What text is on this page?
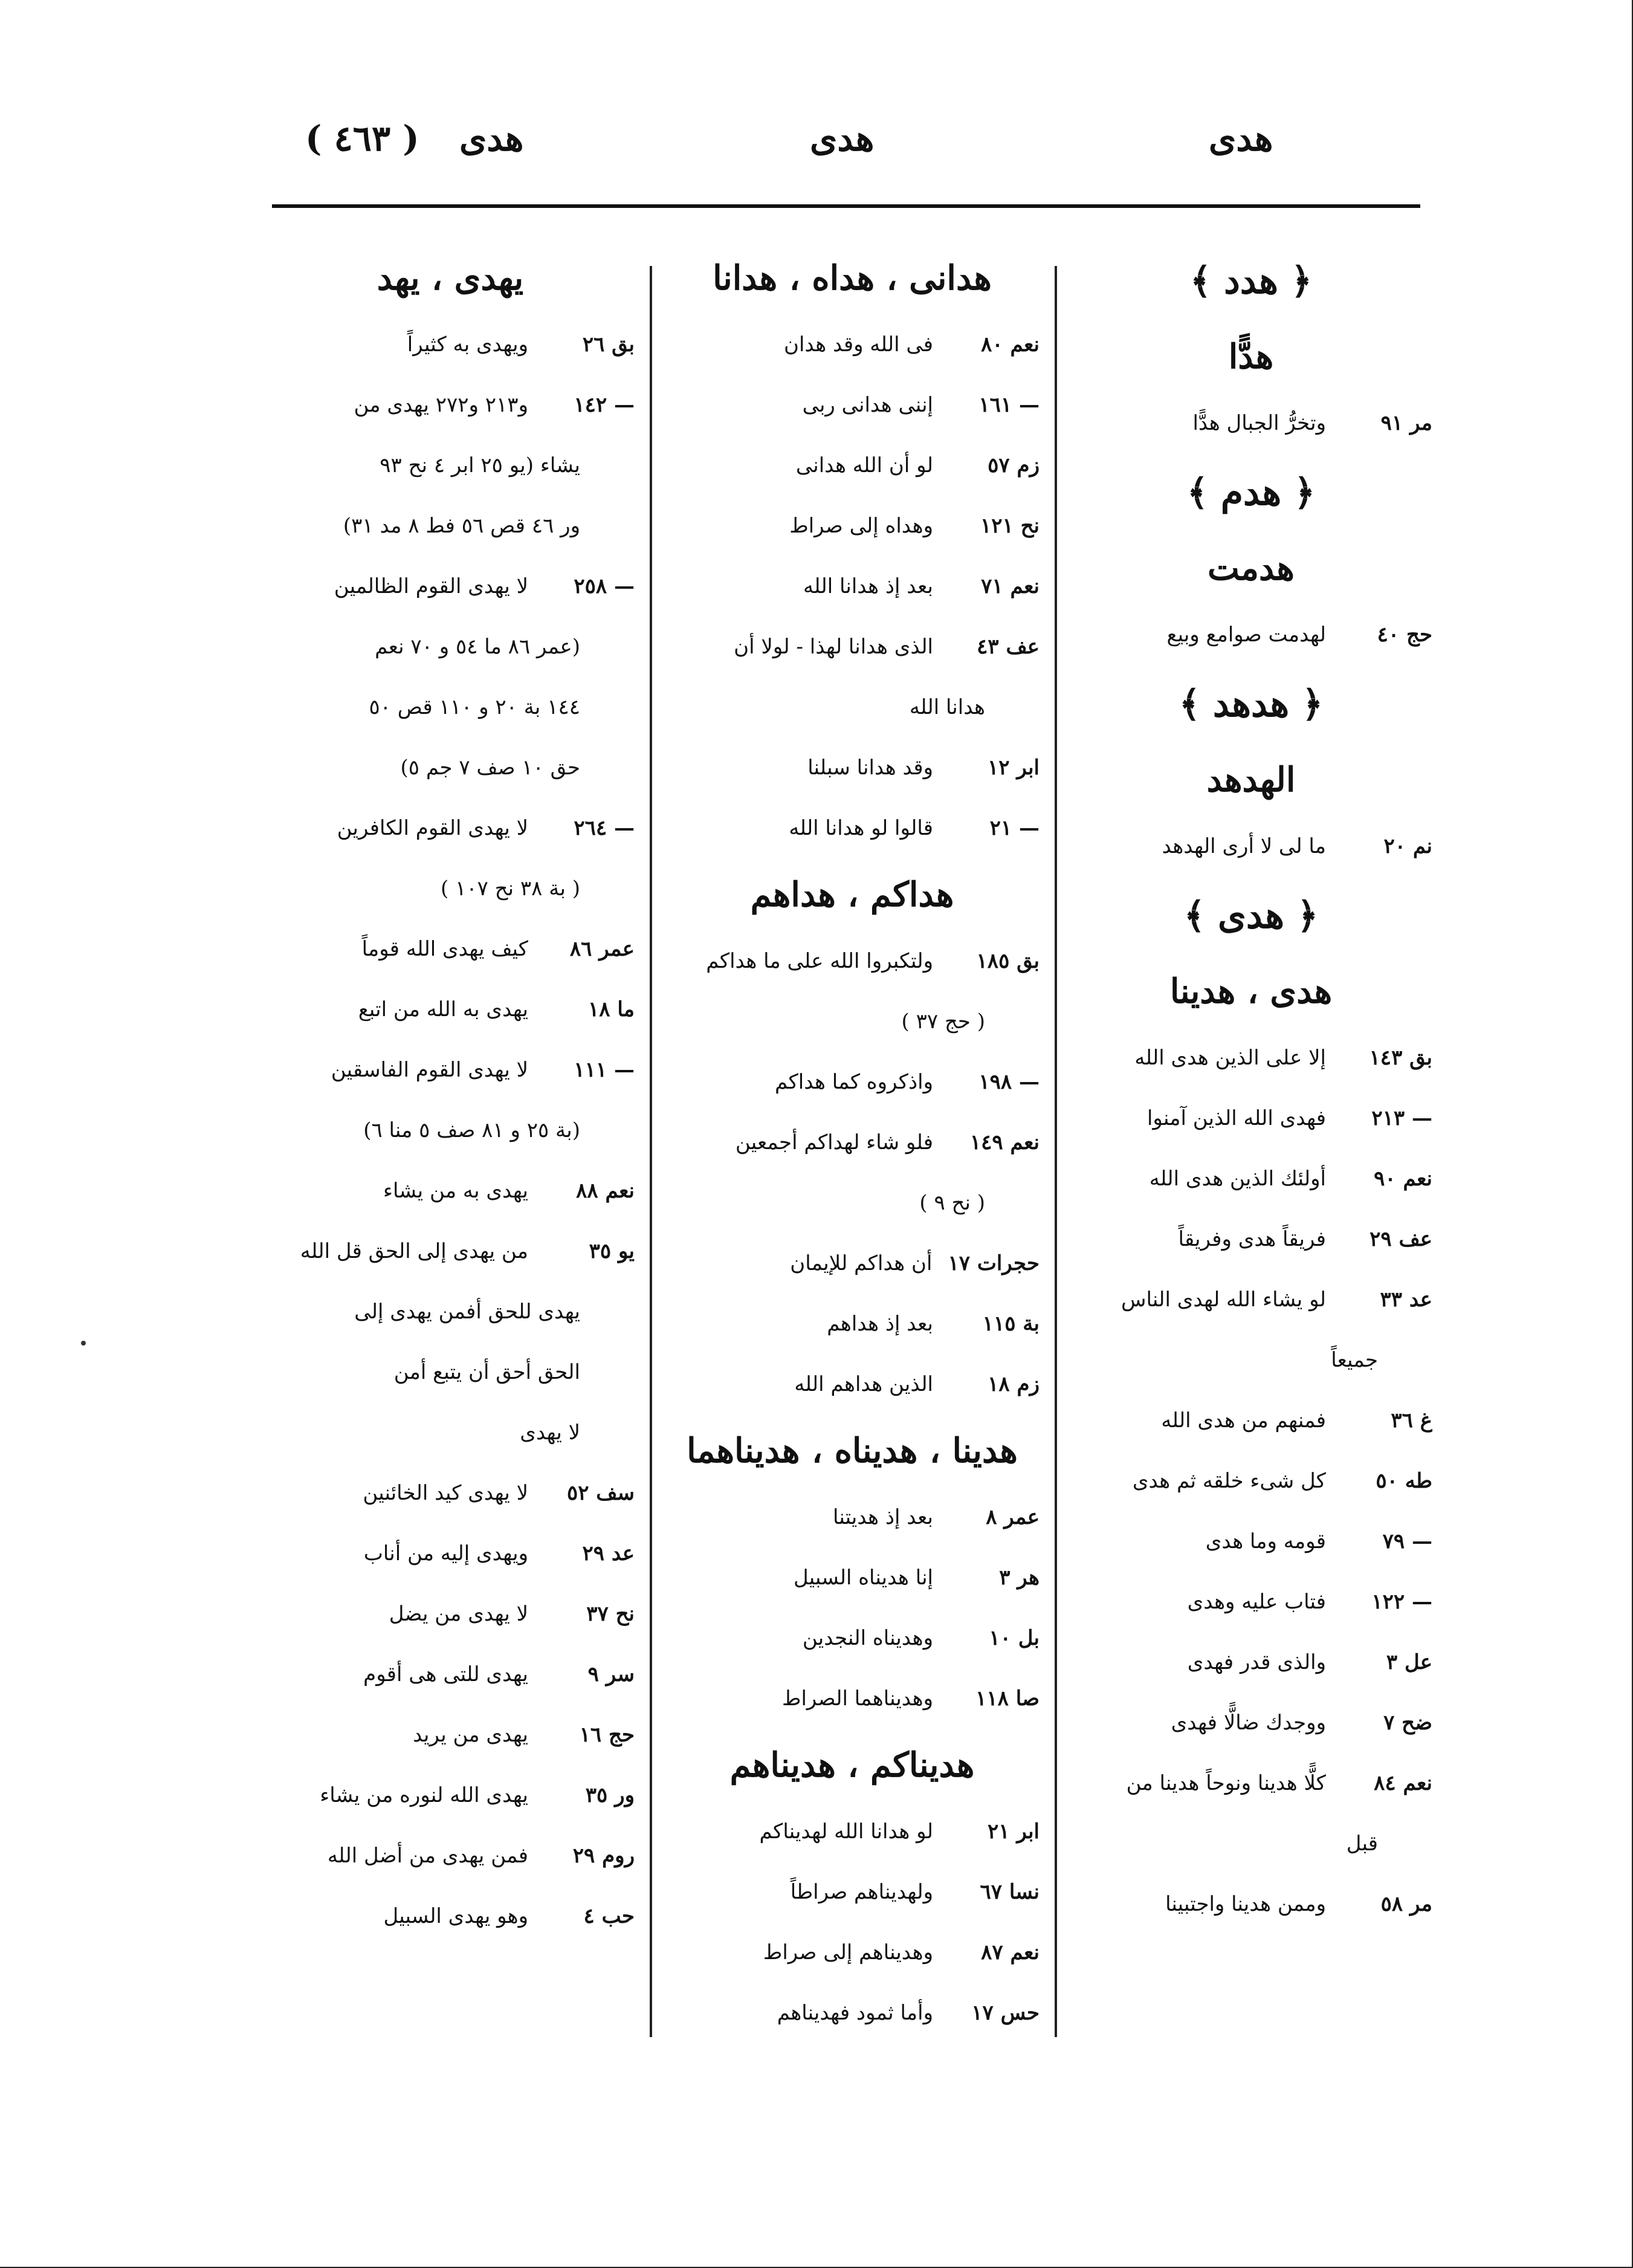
( ٤٦٣ ) هدى	هدى	هدى
﴿ هدد ﴾
هدًّا
مر ٩١
وتخرُّ الجبال هدًّا
﴿ هدم ﴾
هدمت
حج ٤٠
لهدمت صوامع وبيع
﴿ هدهد ﴾
الهدهد
نم ٢٠
ما لى لا أرى الهدهد
﴿ هدى ﴾
هدى ، هدينا
بق ١٤٣
إلا على الذين هدى الله
— ٢١٣
فهدى الله الذين آمنوا
نعم ٩٠
أولئك الذين هدى الله
عف ٢٩
فريقاً هدى وفريقاً
عد ٣٣
لو يشاء الله لهدى الناس
جميعاً
غ ٣٦
فمنهم من هدى الله
طه ٥٠
كل شىء خلقه ثم هدى
— ٧٩
قومه وما هدى
— ١٢٢
فتاب عليه وهدى
عل ٣
والذى قدر فهدى
ضح ٧
ووجدك ضالًّا فهدى
نعم ٨٤
كلًّا هدينا ونوحاً هدينا من
قبل
مر ٥٨
وممن هدينا واجتبينا
هدانى ، هداه ، هدانا
نعم ٨٠
فى الله وقد هدان
— ١٦١
إننى هدانى ربى
زم ٥٧
لو أن الله هدانى
نح ١٢١
وهداه إلى صراط
نعم ٧١
بعد إذ هدانا الله
عف ٤٣
الذى هدانا لهذا - لولا أن
هدانا الله
ابر ١٢
وقد هدانا سبلنا
— ٢١
قالوا لو هدانا الله
هداكم ، هداهم
بق ١٨٥
ولتكبروا الله على ما هداكم
( حج ٣٧ )
— ١٩٨
واذكروه كما هداكم
نعم ١٤٩
فلو شاء لهداكم أجمعين
( نح ٩ )
حجرات ١٧
أن هداكم للإيمان
بة ١١٥
بعد إذ هداهم
زم ١٨
الذين هداهم الله
هدينا ، هديناه ، هديناهما
عمر ٨
بعد إذ هديتنا
هر ٣
إنا هديناه السبيل
بل ١٠
وهديناه النجدين
صا ١١٨
وهديناهما الصراط
هديناكم ، هديناهم
ابر ٢١
لو هدانا الله لهديناكم
نسا ٦٧
ولهديناهم صراطاً
نعم ٨٧
وهديناهم إلى صراط
حس ١٧
وأما ثمود فهديناهم
يهدى ، يهد
بق ٢٦
ويهدى به كثيراً
— ١٤٢
و٢١٣ و٢٧٢ يهدى من
يشاء (يو ٢٥ ابر ٤ نح ٩٣
ور ٤٦ قص ٥٦ فط ٨ مد ٣١)
— ٢٥٨
لا يهدى القوم الظالمين
(عمر ٨٦ ما ٥٤ و ٧٠ نعم
١٤٤ بة ٢٠ و ١١٠ قص ٥٠
حق ١٠ صف ٧ جم ٥)
— ٢٦٤
لا يهدى القوم الكافرين
( بة ٣٨ نح ١٠٧ )
عمر ٨٦
كيف يهدى الله قوماً
ما ١٨
يهدى به الله من اتبع
— ١١١
لا يهدى القوم الفاسقين
(بة ٢٥ و ٨١ صف ٥ منا ٦)
نعم ٨٨
يهدى به من يشاء
يو ٣٥
من يهدى إلى الحق قل الله
يهدى للحق أفمن يهدى إلى
الحق أحق أن يتبع أمن
لا يهدى
سف ٥٢
لا يهدى كيد الخائنين
عد ٢٩
ويهدى إليه من أناب
نح ٣٧
لا يهدى من يضل
سر ٩
يهدى للتى هى أقوم
حج ١٦
يهدى من يريد
ور ٣٥
يهدى الله لنوره من يشاء
روم ٢٩
فمن يهدى من أضل الله
حب ٤
وهو يهدى السبيل
